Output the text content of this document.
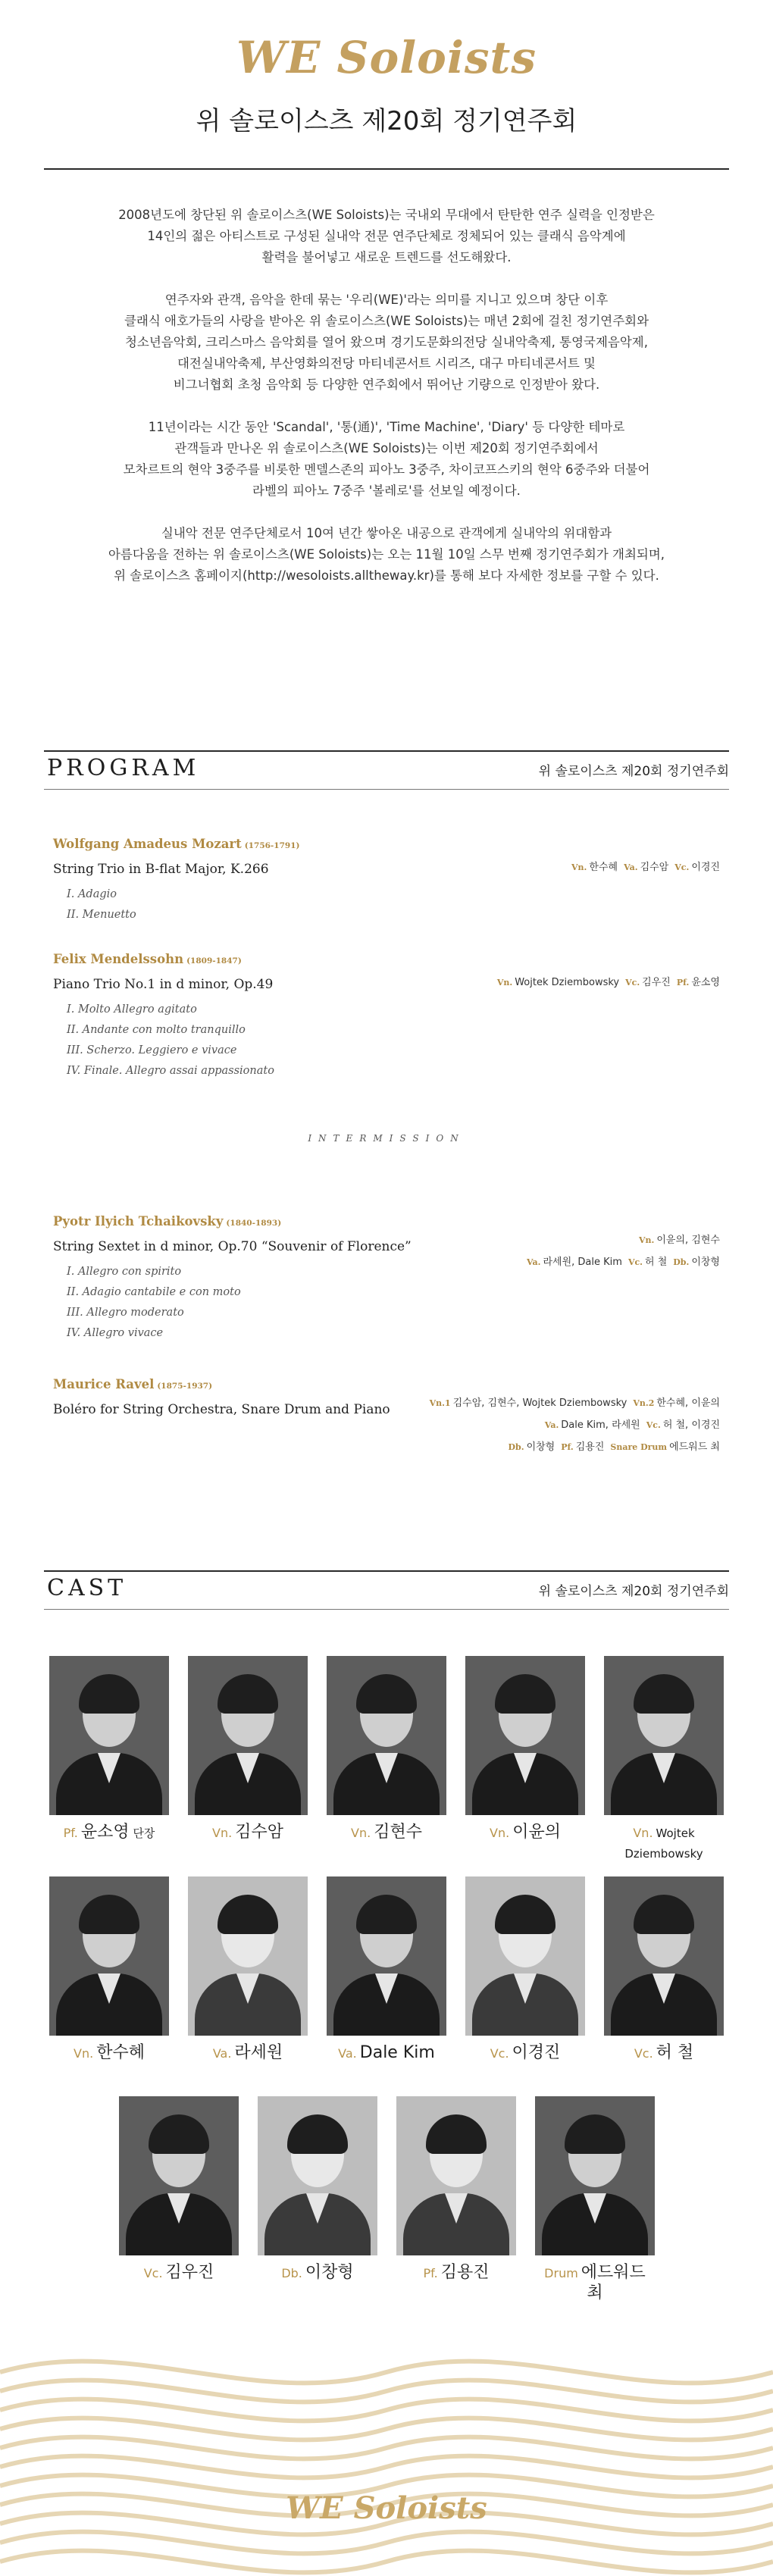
WE Soloists
위 솔로이스츠 제20회 정기연주회

2008년도에 창단된 위 솔로이스츠(WE Soloists)는 국내외 무대에서 탄탄한 연주 실력을 인정받은
14인의 젊은 아티스트로 구성된 실내악 전문 연주단체로 정체되어 있는 클래식 음악계에
활력을 불어넣고 새로운 트렌드를 선도해왔다.

연주자와 관객, 음악을 한데 묶는 '우리(WE)'라는 의미를 지니고 있으며 창단 이후
클래식 애호가들의 사랑을 받아온 위 솔로이스츠(WE Soloists)는 매년 2회에 걸친 정기연주회와
청소년음악회, 크리스마스 음악회를 열어 왔으며 경기도문화의전당 실내악축제, 통영국제음악제,
대전실내악축제, 부산영화의전당 마티네콘서트 시리즈, 대구 마티네콘서트 및
비그너협회 초청 음악회 등 다양한 연주회에서 뛰어난 기량으로 인정받아 왔다.

11년이라는 시간 동안 'Scandal', '통(通)', 'Time Machine', 'Diary' 등 다양한 테마로
관객들과 만나온 위 솔로이스츠(WE Soloists)는 이번 제20회 정기연주회에서
모차르트의 현악 3중주를 비롯한 멘델스존의 피아노 3중주, 차이코프스키의 현악 6중주와 더불어
라벨의 피아노 7중주 '볼레로'를 선보일 예정이다.

실내악 전문 연주단체로서 10여 년간 쌓아온 내공으로 관객에게 실내악의 위대함과
아름다움을 전하는 위 솔로이스츠(WE Soloists)는 오는 11월 10일 스무 번째 정기연주회가 개최되며,
위 솔로이스츠 홈페이지(http://wesoloists.alltheway.kr)를 통해 보다 자세한 정보를 구할 수 있다.

PROGRAM	위 솔로이스츠 제20회 정기연주회
Wolfgang Amadeus Mozart (1756-1791)
String Trio in B-flat Major, K.266
I. Adagio
II. Menuetto
Vn. 한수혜 Va. 김수암 Vc. 이경진
Felix Mendelssohn (1809-1847)
Piano Trio No.1 in d minor, Op.49
I. Molto Allegro agitato
II. Andante con molto tranquillo
III. Scherzo. Leggiero e vivace
IV. Finale. Allegro assai appassionato
Vn. Wojtek Dziembowsky Vc. 김우진 Pf. 윤소영
INTERMISSION
Pyotr Ilyich Tchaikovsky (1840-1893)
String Sextet in d minor, Op.70 “Souvenir of Florence”
I. Allegro con spirito
II. Adagio cantabile e con moto
III. Allegro moderato
IV. Allegro vivace
Vn. 이윤의, 김현수
Va. 라세원, Dale Kim Vc. 허 철 Db. 이창형
Maurice Ravel (1875-1937)
Boléro for String Orchestra, Snare Drum and Piano	Vn.1 김수암, 김현수, Wojtek Dziembowsky Vn.2 한수혜, 이윤의
Va. Dale Kim, 라세원 Vc. 허 철, 이경진
Db. 이창형 Pf. 김용진 Snare Drum 에드워드 최
CAST	위 솔로이스츠 제20회 정기연주회
Pf. 윤소영 단장	Vn. 김수암	Vn. 김현수	Vn. 이윤의	Vn. Wojtek Dziembowsky
Vn. 한수혜	Va. 라세원	Va. Dale Kim	Vc. 이경진	Vc. 허 철
Vc. 김우진	Db. 이창형	Pf. 김용진	Drum 에드워드 최
WE Soloists
